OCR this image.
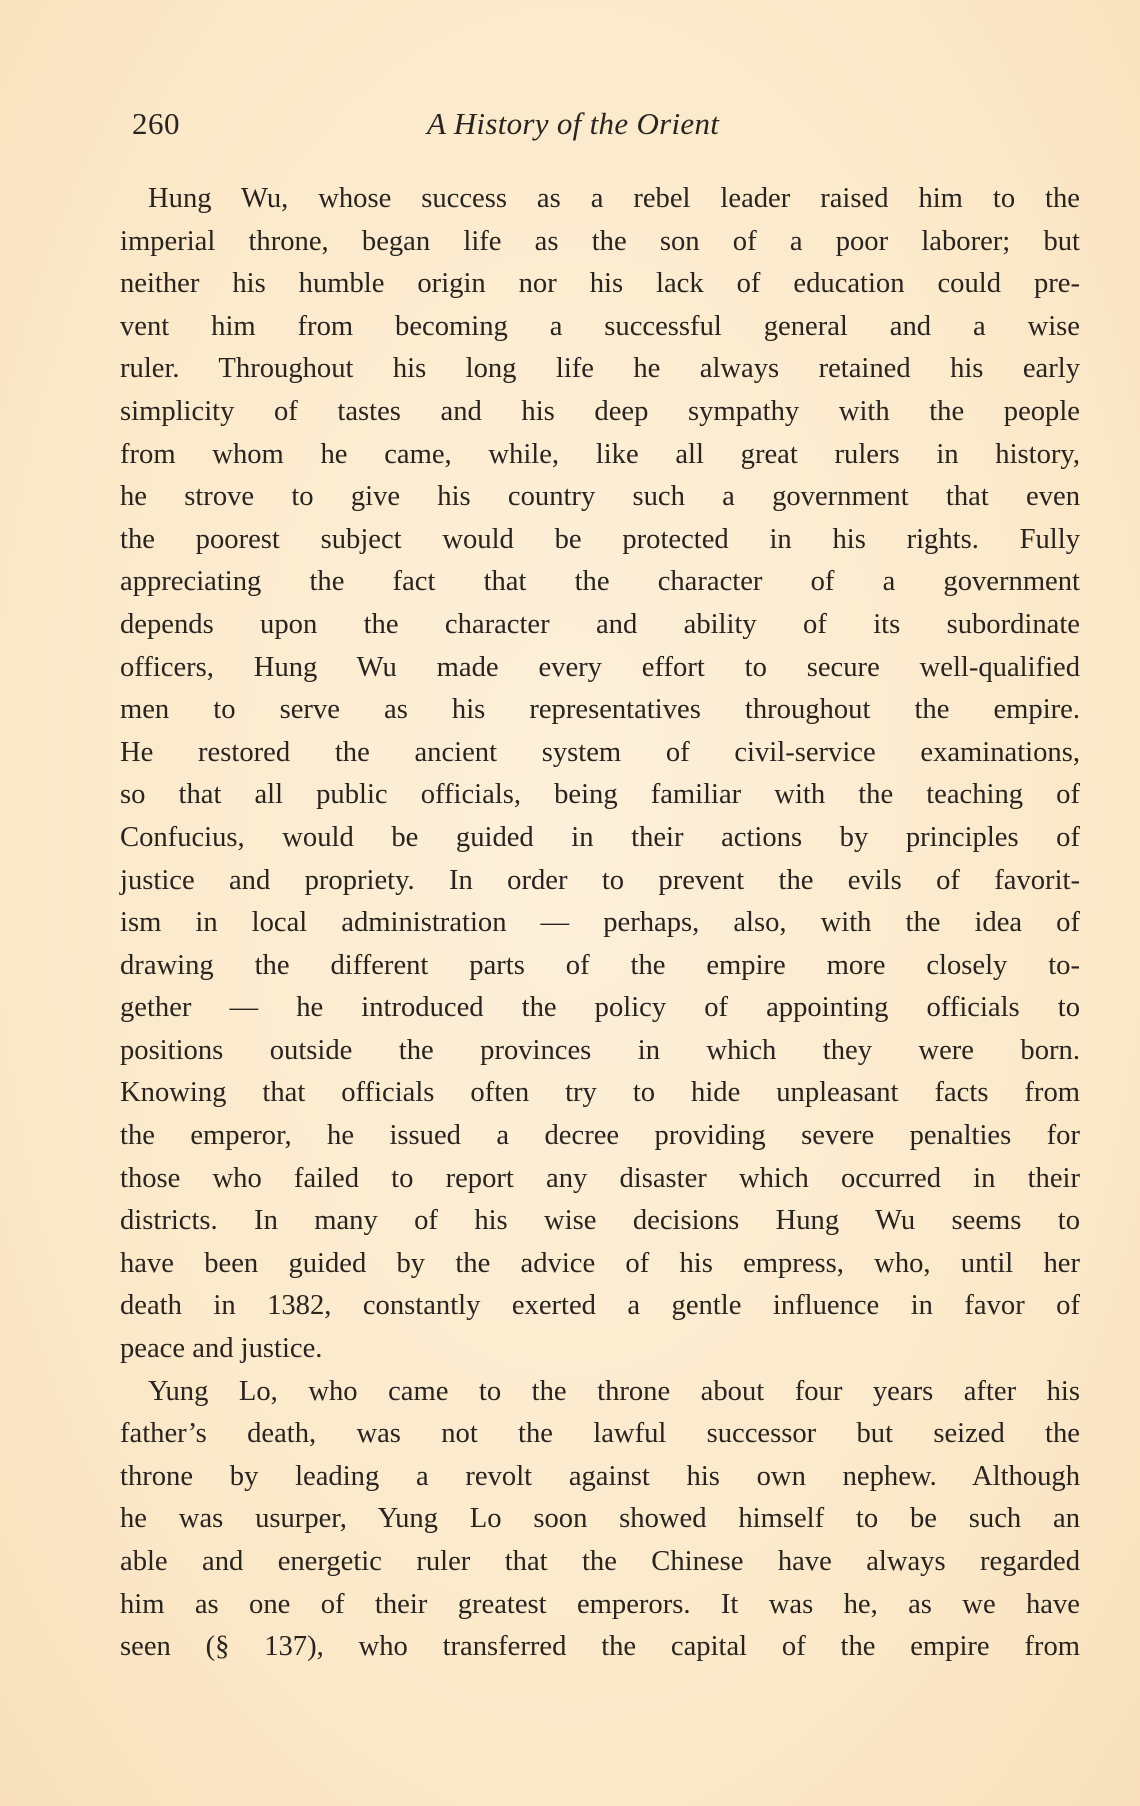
260	A History of the Orient
Hung Wu, whose success as a rebel leader raised him to the
imperial throne, began life as the son of a poor laborer; but
neither his humble origin nor his lack of education could pre-
vent him from becoming a successful general and a wise
ruler. Throughout his long life he always retained his early
simplicity of tastes and his deep sympathy with the people
from whom he came, while, like all great rulers in history,
he strove to give his country such a government that even
the poorest subject would be protected in his rights. Fully
appreciating the fact that the character of a government
depends upon the character and ability of its subordinate
officers, Hung Wu made every effort to secure well-qualified
men to serve as his representatives throughout the empire.
He restored the ancient system of civil-service examinations,
so that all public officials, being familiar with the teaching of
Confucius, would be guided in their actions by principles of
justice and propriety. In order to prevent the evils of favorit-
ism in local administration — perhaps, also, with the idea of
drawing the different parts of the empire more closely to-
gether — he introduced the policy of appointing officials to
positions outside the provinces in which they were born.
Knowing that officials often try to hide unpleasant facts from
the emperor, he issued a decree providing severe penalties for
those who failed to report any disaster which occurred in their
districts. In many of his wise decisions Hung Wu seems to
have been guided by the advice of his empress, who, until her
death in 1382, constantly exerted a gentle influence in favor of
peace and justice.
Yung Lo, who came to the throne about four years after his
father’s death, was not the lawful successor but seized the
throne by leading a revolt against his own nephew. Although
he was usurper, Yung Lo soon showed himself to be such an
able and energetic ruler that the Chinese have always regarded
him as one of their greatest emperors. It was he, as we have
seen (§ 137), who transferred the capital of the empire from
